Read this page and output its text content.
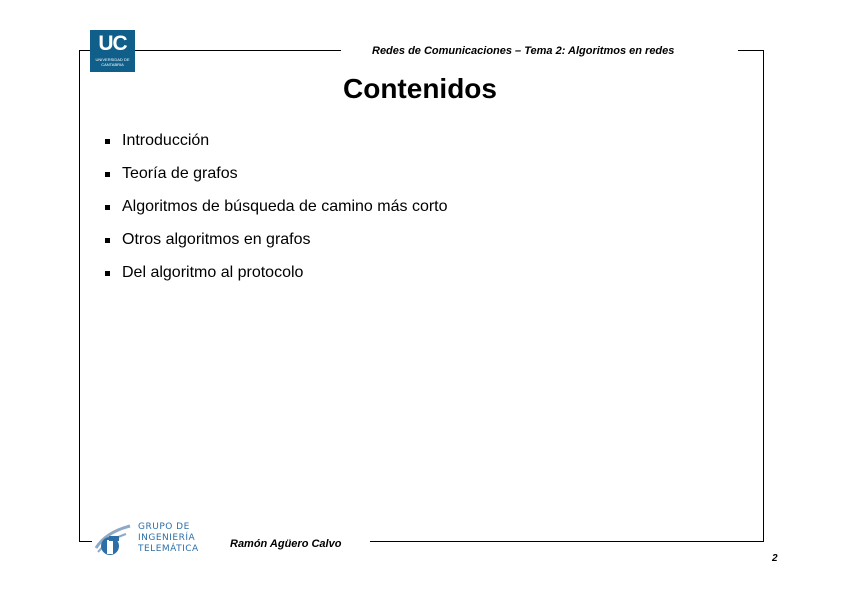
UC
UNIVERSIDAD DE CANTABRIA
Redes de Comunicaciones – Tema 2: Algoritmos en redes
Contenidos
Introducción
Teoría de grafos
Algoritmos de búsqueda de camino más corto
Otros algoritmos en grafos
Del algoritmo al protocolo
GRUPO DE
INGENIERÍA
TELEMÁTICA	Ramón Agüero Calvo
2
